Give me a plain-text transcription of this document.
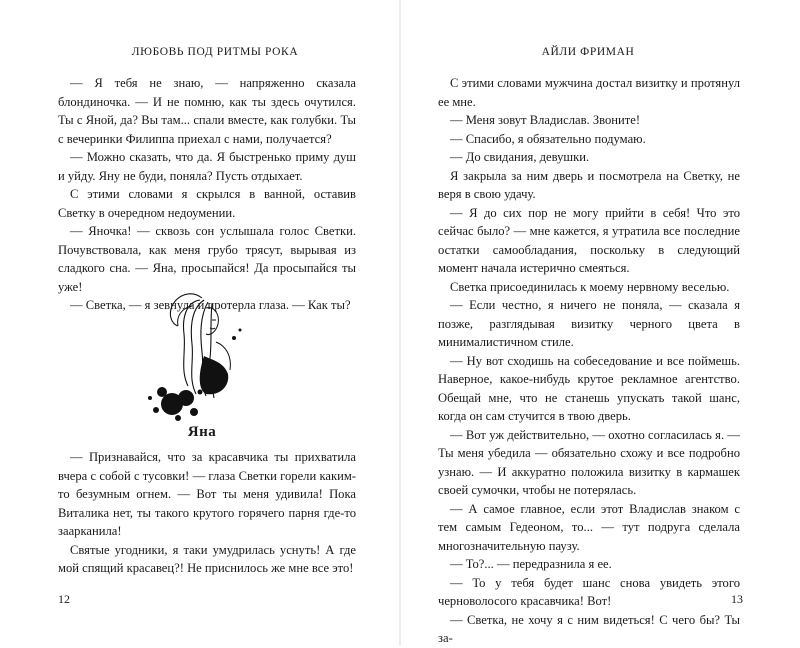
ЛЮБОВЬ ПОД РИТМЫ РОКА

— Я тебя не знаю, — напряженно сказала блондиночка. — И не помню, как ты здесь очутился. Ты с Яной, да? Вы там... спали вместе, как голубки. Ты с вечеринки Филиппа приехал с нами, получается?

— Можно сказать, что да. Я быстренько приму душ и уйду. Яну не буди, поняла? Пусть отдыхает.

С этими словами я скрылся в ванной, оставив Светку в очередном недоумении.

— Яночка! — сквозь сон услышала голос Светки. Почувствовала, как меня грубо трясут, вырывая из сладкого сна. — Яна, просыпайся! Да просыпайся ты уже!

— Светка, — я зевнула и протерла глаза. — Как ты?

Яна

— Признавайся, что за красавчика ты прихватила вчера с собой с тусовки! — глаза Светки горели каким-то безумным огнем. — Вот ты меня удивила! Пока Виталика нет, ты такого крутого горячего парня где-то заарканила!

Святые угодники, я таки умудрилась уснуть! А где мой спящий красавец?! Не приснилось же мне все это!

12
АЙЛИ ФРИМАН

С этими словами мужчина достал визитку и протянул ее мне.

— Меня зовут Владислав. Звоните!

— Спасибо, я обязательно подумаю.

— До свидания, девушки.

Я закрыла за ним дверь и посмотрела на Светку, не веря в свою удачу.

— Я до сих пор не могу прийти в себя! Что это сейчас было? — мне кажется, я утратила все последние остатки самообладания, поскольку в следующий момент начала истерично смеяться.

Светка присоединилась к моему нервному веселью.

— Если честно, я ничего не поняла, — сказала я позже, разглядывая визитку черного цвета в минималистичном стиле.

— Ну вот сходишь на собеседование и все поймешь. Наверное, какое-нибудь крутое рекламное агентство. Обещай мне, что не станешь упускать такой шанс, когда он сам стучится в твою дверь.

— Вот уж действительно, — охотно согласилась я. — Ты меня убедила — обязательно схожу и все подробно узнаю. — И аккуратно положила визитку в кармашек своей сумочки, чтобы не потерялась.

— А самое главное, если этот Владислав знаком с тем самым Гедеоном, то... — тут подруга сделала многозначительную паузу.

— То?... — передразнила я ее.

— То у тебя будет шанс снова увидеть этого черноволосого красавчика! Вот!

— Светка, не хочу я с ним видеться! С чего бы? Ты за-

13
